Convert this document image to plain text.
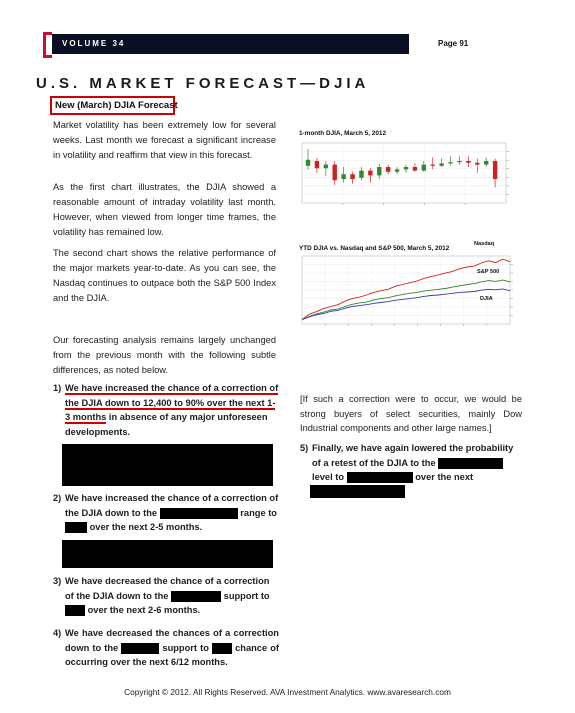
VOLUME 34	Page 91
U.S. MARKET FORECAST—DJIA
New (March) DJIA Forecast
Market volatility has been extremely low for several weeks. Last month we forecast a significant increase in volatility and reaffirm that view in this forecast.
As the first chart illustrates, the DJIA showed a reasonable amount of intraday volatility last month. However, when viewed from longer time frames, the volatility has remained low.
The second chart shows the relative performance of the major markets year-to-date. As you can see, the Nasdaq continues to outpace both the S&P 500 Index and the DJIA.
Our forecasting analysis remains largely unchanged from the previous month with the following subtle differences, as noted below.
1) We have increased the chance of a correction of the DJIA down to 12,400 to 90% over the next 1-3 months in absence of any major unforeseen developments.
2) We have increased the chance of a correction of the DJIA down to the	range to over the next 2-5 months.
3) We have decreased the chance of a correction of the DJIA down to the	support to  over the next 2-6 months.
4) We have decreased the chances of a correction down to the	support to	chance of occurring over the next 6/12 months.
[If such a correction were to occur, we would be strong buyers of select securities, mainly Dow Industrial components and other large names.]
5) Finally, we have again lowered the probability of a retest of the DJIA to the  level to	over the next
1-month DJIA, March 5, 2012
YTD DJIA vs. Nasdaq and S&P 500, March 5, 2012
Nasdaq
S&P 500
DJIA
Copyright © 2012. All Rights Reserved. AVA Investment Analytics. www.avaresearch.com
